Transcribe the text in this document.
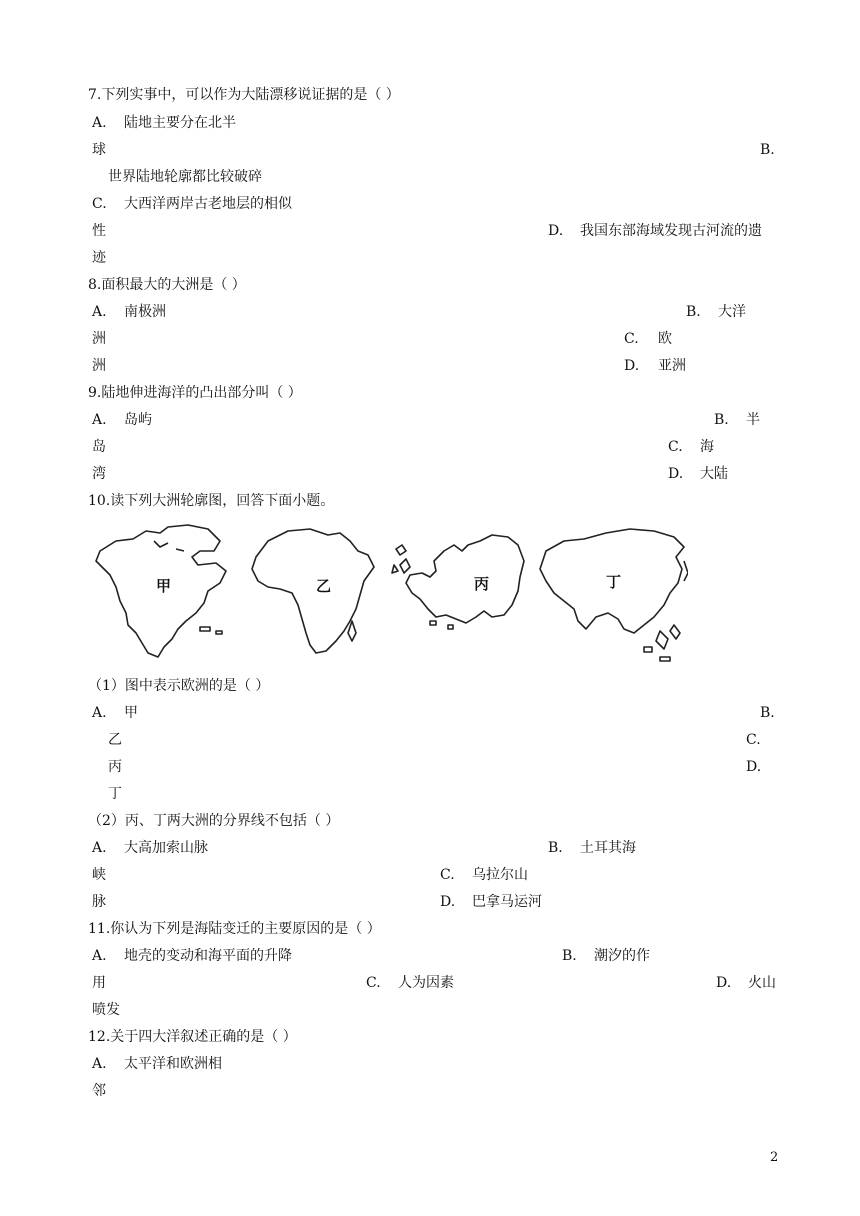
7.下列实事中，可以作为大陆漂移说证据的是（ ）
A. 陆地主要分在北半
球	B.
世界陆地轮廓都比较破碎
C. 大西洋两岸古老地层的相似
性	D. 我国东部海域发现古河流的遗
迹
8.面积最大的大洲是（ ）
A. 南极洲	B. 大洋
洲	C. 欧
洲	D. 亚洲
9.陆地伸进海洋的凸出部分叫（ ）
A. 岛屿	B. 半
岛	C. 海
湾	D. 大陆
10.读下列大洲轮廓图，回答下面小题。
甲	乙	丙	丁
（1）图中表示欧洲的是（ ）
A. 甲	B.
乙	C.
丙	D.
丁
（2）丙、丁两大洲的分界线不包括（ ）
A. 大高加索山脉	B. 土耳其海
峡	C. 乌拉尔山
脉	D. 巴拿马运河
11.你认为下列是海陆变迁的主要原因的是（ ）
A. 地壳的变动和海平面的升降	B. 潮汐的作
用	C. 人为因素	D. 火山
喷发
12.关于四大洋叙述正确的是（ ）
A. 太平洋和欧洲相
邻
2
